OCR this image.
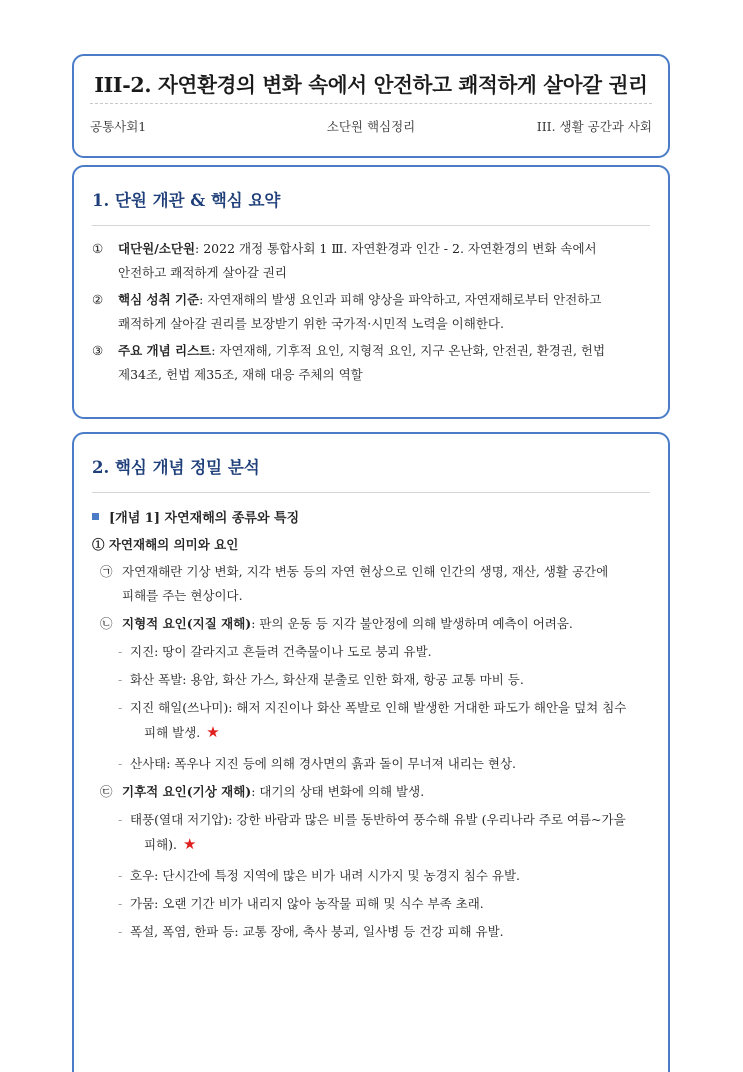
III-2. 자연환경의 변화 속에서 안전하고 쾌적하게 살아갈 권리
공통사회1	소단원 핵심정리	III. 생활 공간과 사회
1. 단원 개관 & 핵심 요약
① 대단원/소단원: 2022 개정 통합사회 1 Ⅲ. 자연환경과 인간 - 2. 자연환경의 변화 속에서
안전하고 쾌적하게 살아갈 권리
② 핵심 성취 기준: 자연재해의 발생 요인과 피해 양상을 파악하고, 자연재해로부터 안전하고
쾌적하게 살아갈 권리를 보장받기 위한 국가적·시민적 노력을 이해한다.
③ 주요 개념 리스트: 자연재해, 기후적 요인, 지형적 요인, 지구 온난화, 안전권, 환경권, 헌법
제34조, 헌법 제35조, 재해 대응 주체의 역할
2. 핵심 개념 정밀 분석
[개념 1] 자연재해의 종류와 특징
① 자연재해의 의미와 요인
㉠ 자연재해란 기상 변화, 지각 변동 등의 자연 현상으로 인해 인간의 생명, 재산, 생활 공간에
피해를 주는 현상이다.
㉡ 지형적 요인(지질 재해): 판의 운동 등 지각 불안정에 의해 발생하며 예측이 어려움.
- 지진: 땅이 갈라지고 흔들려 건축물이나 도로 붕괴 유발.
- 화산 폭발: 용암, 화산 가스, 화산재 분출로 인한 화재, 항공 교통 마비 등.
- 지진 해일(쓰나미): 해저 지진이나 화산 폭발로 인해 발생한 거대한 파도가 해안을 덮쳐 침수
피해 발생. ★
- 산사태: 폭우나 지진 등에 의해 경사면의 흙과 돌이 무너져 내리는 현상.
㉢ 기후적 요인(기상 재해): 대기의 상태 변화에 의해 발생.
- 태풍(열대 저기압): 강한 바람과 많은 비를 동반하여 풍수해 유발 (우리나라 주로 여름~가을
피해). ★
- 호우: 단시간에 특정 지역에 많은 비가 내려 시가지 및 농경지 침수 유발.
- 가뭄: 오랜 기간 비가 내리지 않아 농작물 피해 및 식수 부족 초래.
- 폭설, 폭염, 한파 등: 교통 장애, 축사 붕괴, 일사병 등 건강 피해 유발.
